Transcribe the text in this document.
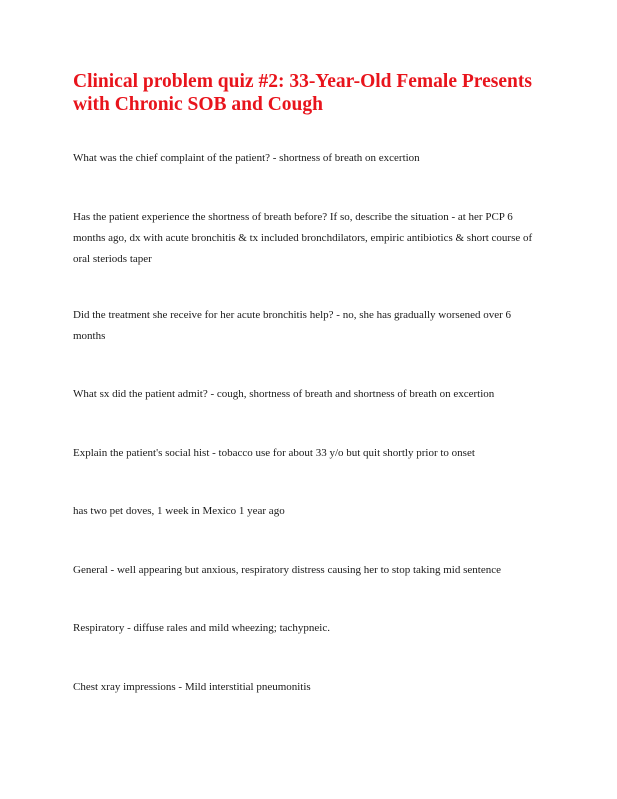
Clinical problem quiz #2: 33-Year-Old Female Presents with Chronic SOB and Cough

What was the chief complaint of the patient? - shortness of breath on excertion

Has the patient experience the shortness of breath before? If so, describe the situation - at her PCP 6 months ago, dx with acute bronchitis & tx included bronchdilators, empiric antibiotics & short course of oral steriods taper

Did the treatment she receive for her acute bronchitis help? - no, she has gradually worsened over 6 months

What sx did the patient admit? - cough, shortness of breath and shortness of breath on excertion

Explain the patient's social hist - tobacco use for about 33 y/o but quit shortly prior to onset

has two pet doves, 1 week in Mexico 1 year ago

General - well appearing but anxious, respiratory distress causing her to stop taking mid sentence

Respiratory - diffuse rales and mild wheezing; tachypneic.

Chest xray impressions - Mild interstitial pneumonitis
